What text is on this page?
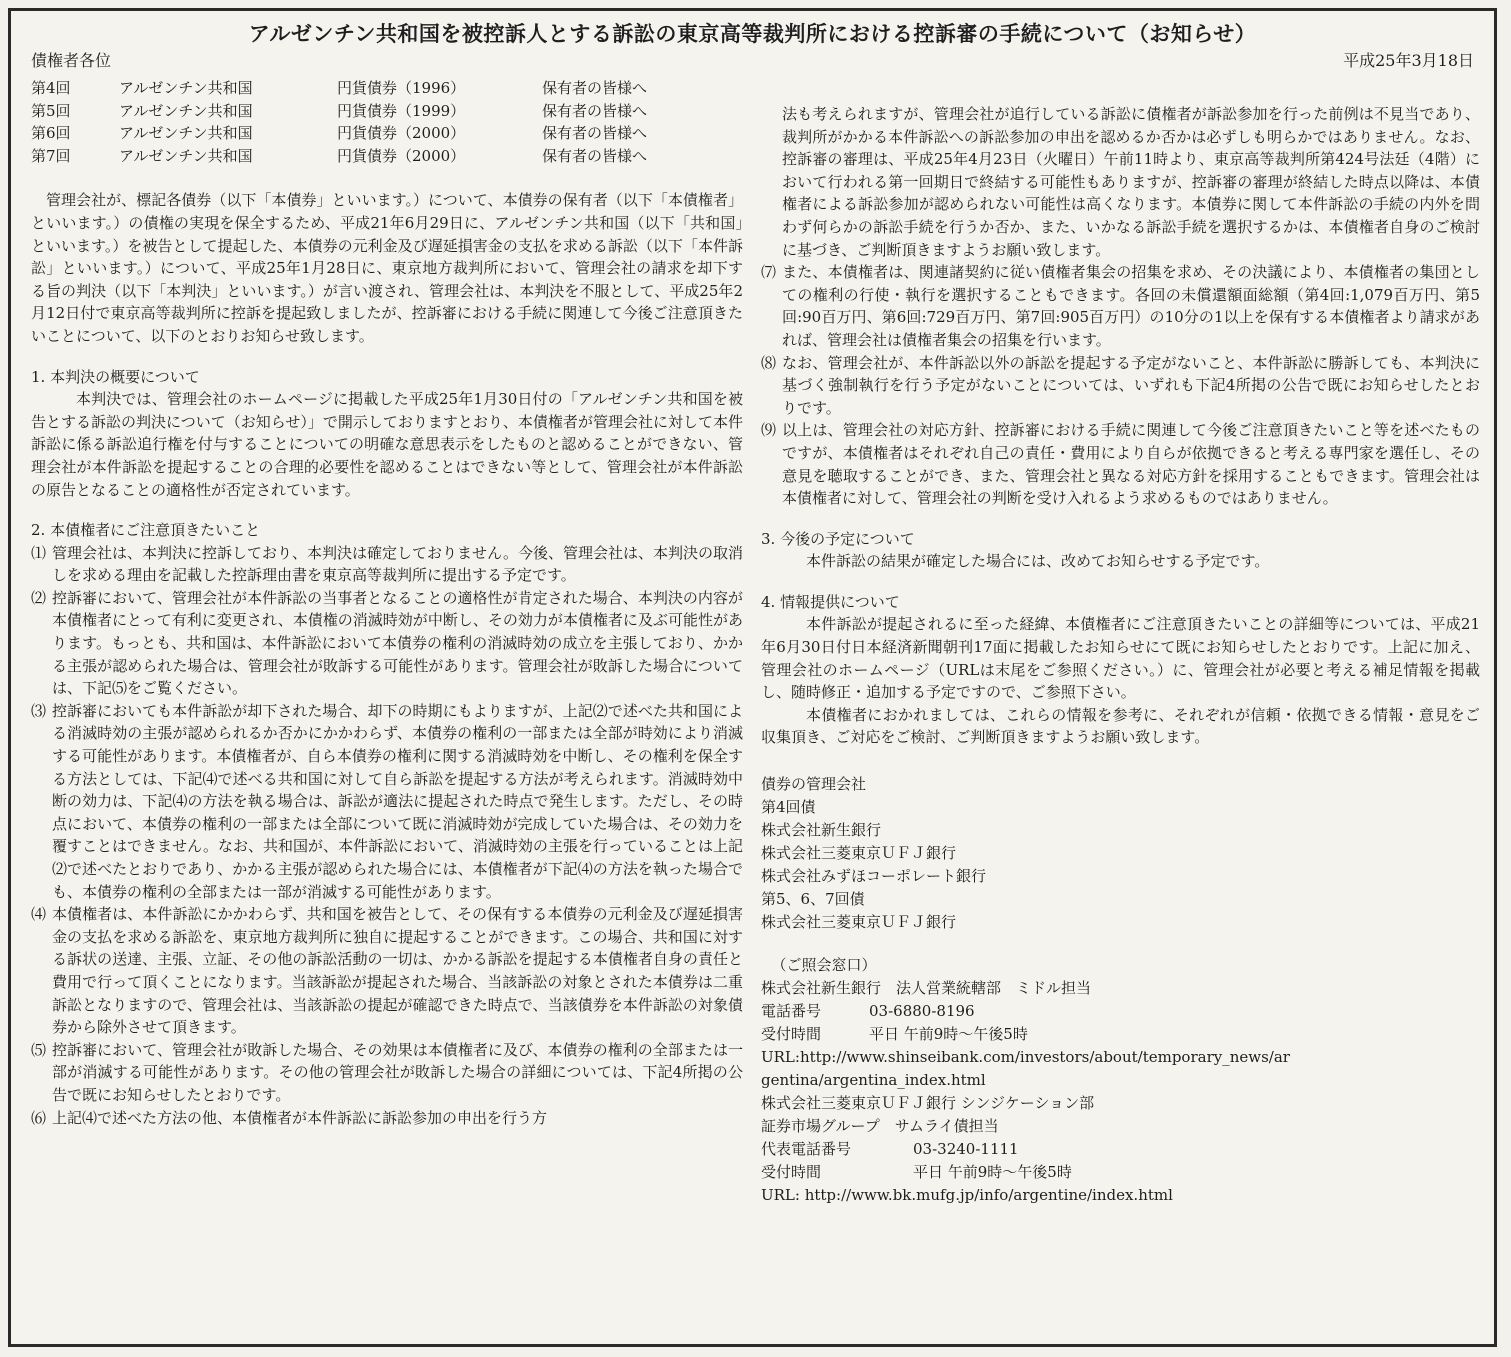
アルゼンチン共和国を被控訴人とする訴訟の東京高等裁判所における控訴審の手続について（お知らせ）
債権者各位	平成25年3月18日
第4回	アルゼンチン共和国	円貨債券（1996）	保有者の皆様へ
第5回	アルゼンチン共和国	円貨債券（1999）	保有者の皆様へ
第6回	アルゼンチン共和国	円貨債券（2000）	保有者の皆様へ
第7回	アルゼンチン共和国	円貨債券（2000）	保有者の皆様へ

管理会社が、標記各債券（以下「本債券」といいます。）について、本債券の保有者（以下「本債権者」といいます。）の債権の実現を保全するため、平成21年6月29日に、アルゼンチン共和国（以下「共和国」といいます。）を被告として提起した、本債券の元利金及び遅延損害金の支払を求める訴訟（以下「本件訴訟」といいます。）について、平成25年1月28日に、東京地方裁判所において、管理会社の請求を却下する旨の判決（以下「本判決」といいます。）が言い渡され、管理会社は、本判決を不服として、平成25年2月12日付で東京高等裁判所に控訴を提起致しましたが、控訴審における手続に関連して今後ご注意頂きたいことについて、以下のとおりお知らせ致します。

1. 本判決の概要について

本判決では、管理会社のホームページに掲載した平成25年1月30日付の「アルゼンチン共和国を被告とする訴訟の判決について（お知らせ）」で開示しておりますとおり、本債権者が管理会社に対して本件訴訟に係る訴訟追行権を付与することについての明確な意思表示をしたものと認めることができない、管理会社が本件訴訟を提起することの合理的必要性を認めることはできない等として、管理会社が本件訴訟の原告となることの適格性が否定されています。

2. 本債権者にご注意頂きたいこと
⑴ 管理会社は、本判決に控訴しており、本判決は確定しておりません。今後、管理会社は、本判決の取消しを求める理由を記載した控訴理由書を東京高等裁判所に提出する予定です。
⑵ 控訴審において、管理会社が本件訴訟の当事者となることの適格性が肯定された場合、本判決の内容が本債権者にとって有利に変更され、本債権の消滅時効が中断し、その効力が本債権者に及ぶ可能性があります。もっとも、共和国は、本件訴訟において本債券の権利の消滅時効の成立を主張しており、かかる主張が認められた場合は、管理会社が敗訴する可能性があります。管理会社が敗訴した場合については、下記⑸をご覧ください。
⑶ 控訴審においても本件訴訟が却下された場合、却下の時期にもよりますが、上記⑵で述べた共和国による消滅時効の主張が認められるか否かにかかわらず、本債券の権利の一部または全部が時効により消滅する可能性があります。本債権者が、自ら本債券の権利に関する消滅時効を中断し、その権利を保全する方法としては、下記⑷で述べる共和国に対して自ら訴訟を提起する方法が考えられます。消滅時効中断の効力は、下記⑷の方法を執る場合は、訴訟が適法に提起された時点で発生します。ただし、その時点において、本債券の権利の一部または全部について既に消滅時効が完成していた場合は、その効力を覆すことはできません。なお、共和国が、本件訴訟において、消滅時効の主張を行っていることは上記⑵で述べたとおりであり、かかる主張が認められた場合には、本債権者が下記⑷の方法を執った場合でも、本債券の権利の全部または一部が消滅する可能性があります。
⑷ 本債権者は、本件訴訟にかかわらず、共和国を被告として、その保有する本債券の元利金及び遅延損害金の支払を求める訴訟を、東京地方裁判所に独自に提起することができます。この場合、共和国に対する訴状の送達、主張、立証、その他の訴訟活動の一切は、かかる訴訟を提起する本債権者自身の責任と費用で行って頂くことになります。当該訴訟が提起された場合、当該訴訟の対象とされた本債券は二重訴訟となりますので、管理会社は、当該訴訟の提起が確認できた時点で、当該債券を本件訴訟の対象債券から除外させて頂きます。
⑸ 控訴審において、管理会社が敗訴した場合、その効果は本債権者に及び、本債券の権利の全部または一部が消滅する可能性があります。その他の管理会社が敗訴した場合の詳細については、下記4所掲の公告で既にお知らせしたとおりです。
⑹ 上記⑷で述べた方法の他、本債権者が本件訴訟に訴訟参加の申出を行う方
法も考えられますが、管理会社が追行している訴訟に債権者が訴訟参加を行った前例は不見当であり、裁判所がかかる本件訴訟への訴訟参加の申出を認めるか否かは必ずしも明らかではありません。なお、控訴審の審理は、平成25年4月23日（火曜日）午前11時より、東京高等裁判所第424号法廷（4階）において行われる第一回期日で終結する可能性もありますが、控訴審の審理が終結した時点以降は、本債権者による訴訟参加が認められない可能性は高くなります。本債券に関して本件訴訟の手続の内外を問わず何らかの訴訟手続を行うか否か、また、いかなる訴訟手続を選択するかは、本債権者自身のご検討に基づき、ご判断頂きますようお願い致します。
⑺ また、本債権者は、関連諸契約に従い債権者集会の招集を求め、その決議により、本債権者の集団としての権利の行使・執行を選択することもできます。各回の未償還額面総額（第4回:1,079百万円、第5回:90百万円、第6回:729百万円、第7回:905百万円）の10分の1以上を保有する本債権者より請求があれば、管理会社は債権者集会の招集を行います。
⑻ なお、管理会社が、本件訴訟以外の訴訟を提起する予定がないこと、本件訴訟に勝訴しても、本判決に基づく強制執行を行う予定がないことについては、いずれも下記4所掲の公告で既にお知らせしたとおりです。
⑼ 以上は、管理会社の対応方針、控訴審における手続に関連して今後ご注意頂きたいこと等を述べたものですが、本債権者はそれぞれ自己の責任・費用により自らが依拠できると考える専門家を選任し、その意見を聴取することができ、また、管理会社と異なる対応方針を採用することもできます。管理会社は本債権者に対して、管理会社の判断を受け入れるよう求めるものではありません。
3. 今後の予定について

本件訴訟の結果が確定した場合には、改めてお知らせする予定です。

4. 情報提供について

本件訴訟が提起されるに至った経緯、本債権者にご注意頂きたいことの詳細等については、平成21年6月30日付日本経済新聞朝刊17面に掲載したお知らせにて既にお知らせしたとおりです。上記に加え、管理会社のホームページ（URLは末尾をご参照ください。）に、管理会社が必要と考える補足情報を掲載し、随時修正・追加する予定ですので、ご参照下さい。

本債権者におかれましては、これらの情報を参考に、それぞれが信頼・依拠できる情報・意見をご収集頂き、ご対応をご検討、ご判断頂きますようお願い致します。

債券の管理会社
第4回債
株式会社新生銀行
株式会社三菱東京ＵＦＪ銀行
株式会社みずほコーポレート銀行
第5、6、7回債
株式会社三菱東京ＵＦＪ銀行
（ご照会窓口）
株式会社新生銀行　法人営業統轄部　ミドル担当
電話番号	03-6880-8196
受付時間	平日 午前9時～午後5時
URL:http://www.shinseibank.com/investors/about/temporary_news/ar
gentina/argentina_index.html
株式会社三菱東京ＵＦＪ銀行 シンジケーション部
証券市場グループ　サムライ債担当
代表電話番号	03-3240-1111
受付時間	平日 午前9時～午後5時
URL: http://www.bk.mufg.jp/info/argentine/index.html
